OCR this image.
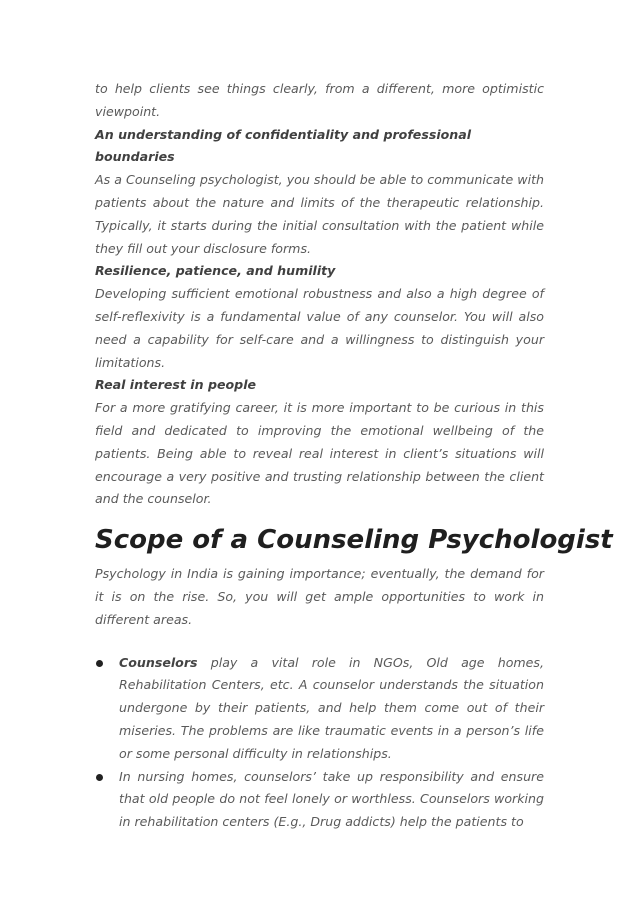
to help clients see things clearly, from a different, more optimistic viewpoint.

An understanding of confidentiality and professional boundaries

As a Counseling psychologist, you should be able to communicate with patients about the nature and limits of the therapeutic relationship. Typically, it starts during the initial consultation with the patient while they fill out your disclosure forms.

Resilience, patience, and humility

Developing sufficient emotional robustness and also a high degree of self-reflexivity is a fundamental value of any counselor. You will also need a capability for self-care and a willingness to distinguish your limitations.

Real interest in people

For a more gratifying career, it is more important to be curious in this field and dedicated to improving the emotional wellbeing of the patients. Being able to reveal real interest in client’s situations will encourage a very positive and trusting relationship between the client and the counselor.

Scope of a Counseling Psychologist

Psychology in India is gaining importance; eventually, the demand for it is on the rise. So, you will get ample opportunities to work in different areas.

Counselors play a vital role in NGOs, Old age homes, Rehabilitation Centers, etc. A counselor understands the situation undergone by their patients, and help them come out of their miseries. The problems are like traumatic events in a person’s life or some personal difficulty in relationships.
In nursing homes, counselors’ take up responsibility and ensure that old people do not feel lonely or worthless. Counselors working in rehabilitation centers (E.g., Drug addicts) help the patients to
